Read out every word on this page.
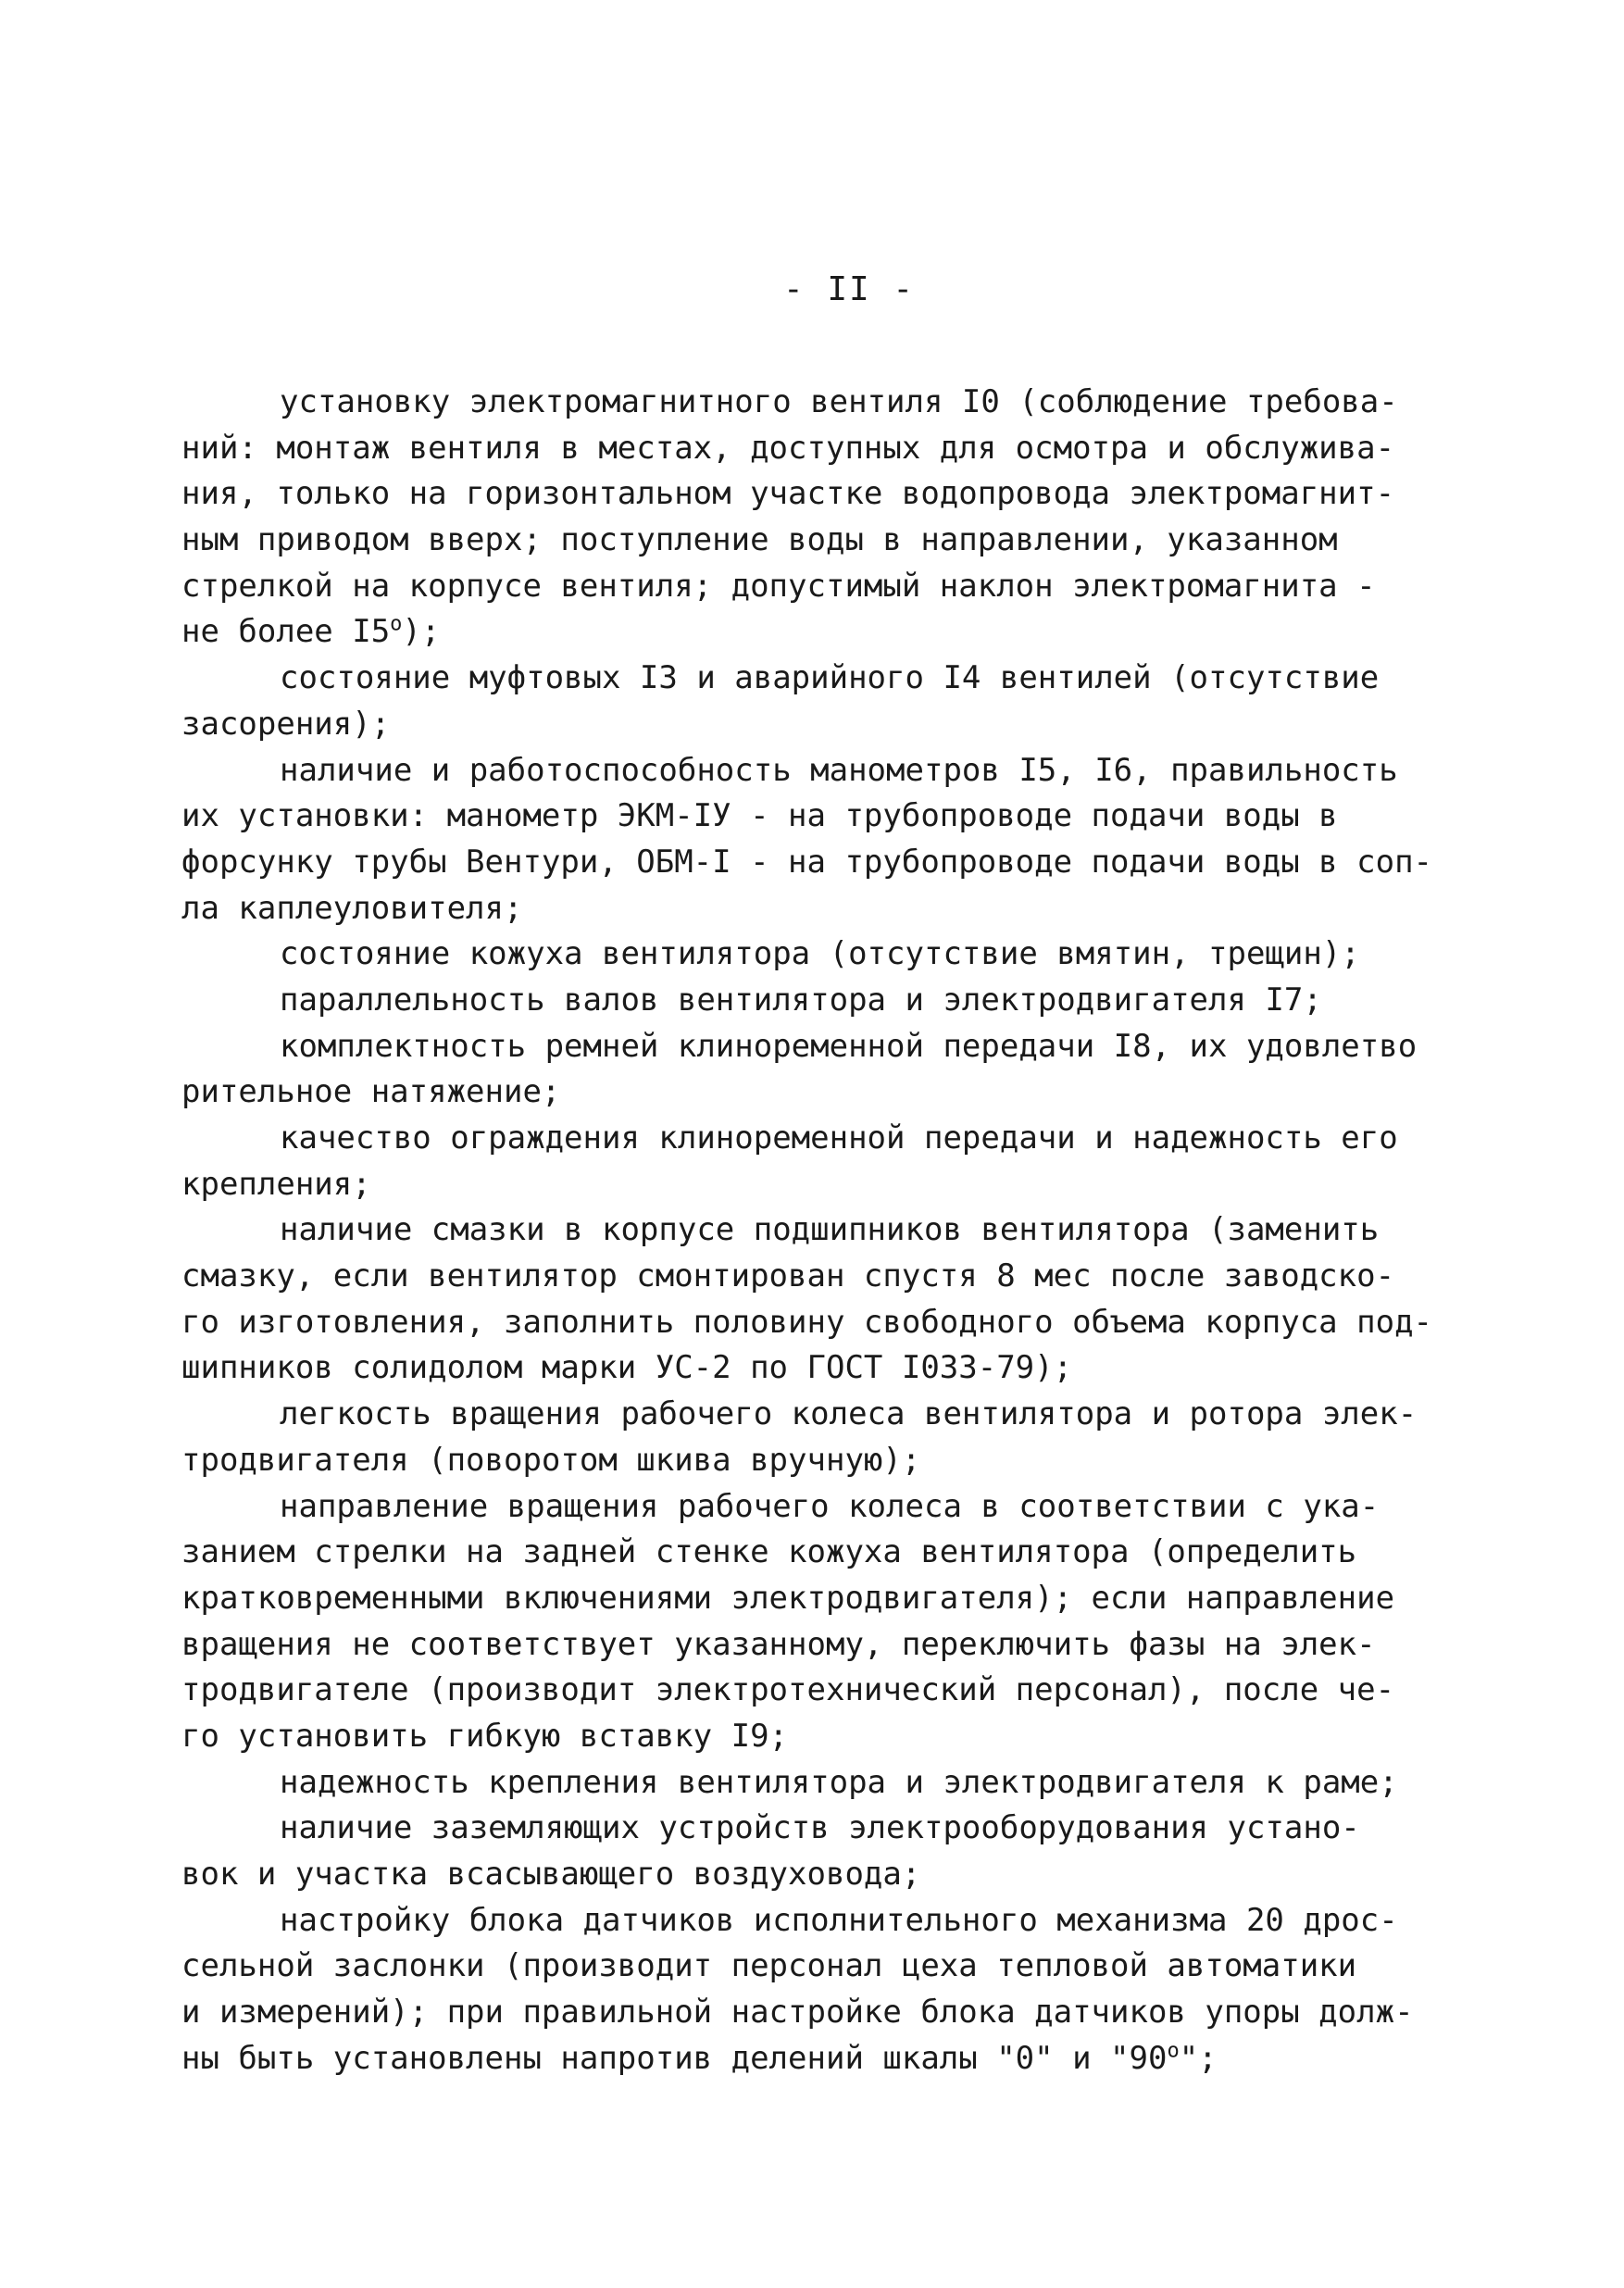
- II -
установку электромагнитного вентиля I0 (соблюдение требова-
ний: монтаж вентиля в местах, доступных для осмотра и обслужива-
ния, только на горизонтальном участке водопровода электромагнит-
ным приводом вверх; поступление воды в направлении, указанном
стрелкой на корпусе вентиля; допустимый наклон электромагнита -
не более I5$^o$);
состояние муфтовых I3 и аварийного I4 вентилей (отсутствие
засорения);
наличие и работоспособность манометров I5, I6, правильность
их установки: манометр ЭКМ-IУ - на трубопроводе подачи воды в
форсунку трубы Вентури, ОБМ-I - на трубопроводе подачи воды в соп-
ла каплеуловителя;
состояние кожуха вентилятора (отсутствие вмятин, трещин);
параллельность валов вентилятора и электродвигателя I7;
комплектность ремней клиноременной передачи I8, их удовлетво
рительное натяжение;
качество ограждения клиноременной передачи и надежность его
крепления;
наличие смазки в корпусе подшипников вентилятора (заменить
смазку, если вентилятор смонтирован спустя 8 мес после заводско-
го изготовления, заполнить половину свободного объема корпуса под-
шипников солидолом марки УС-2 по ГОСТ I033-79);
легкость вращения рабочего колеса вентилятора и ротора элек-
тродвигателя (поворотом шкива вручную);
направление вращения рабочего колеса в соответствии с ука-
занием стрелки на задней стенке кожуха вентилятора (определить
кратковременными включениями электродвигателя); если направление
вращения не соответствует указанному, переключить фазы на элек-
тродвигателе (производит электротехнический персонал), после че-
го установить гибкую вставку I9;
надежность крепления вентилятора и электродвигателя к раме;
наличие заземляющих устройств электрооборудования устано-
вок и участка всасывающего воздуховода;
настройку блока датчиков исполнительного механизма 20 дрос-
сельной заслонки (производит персонал цеха тепловой автоматики
и измерений); при правильной настройке блока датчиков упоры долж-
ны быть установлены напротив делений шкалы "0" и "90$^o$";
